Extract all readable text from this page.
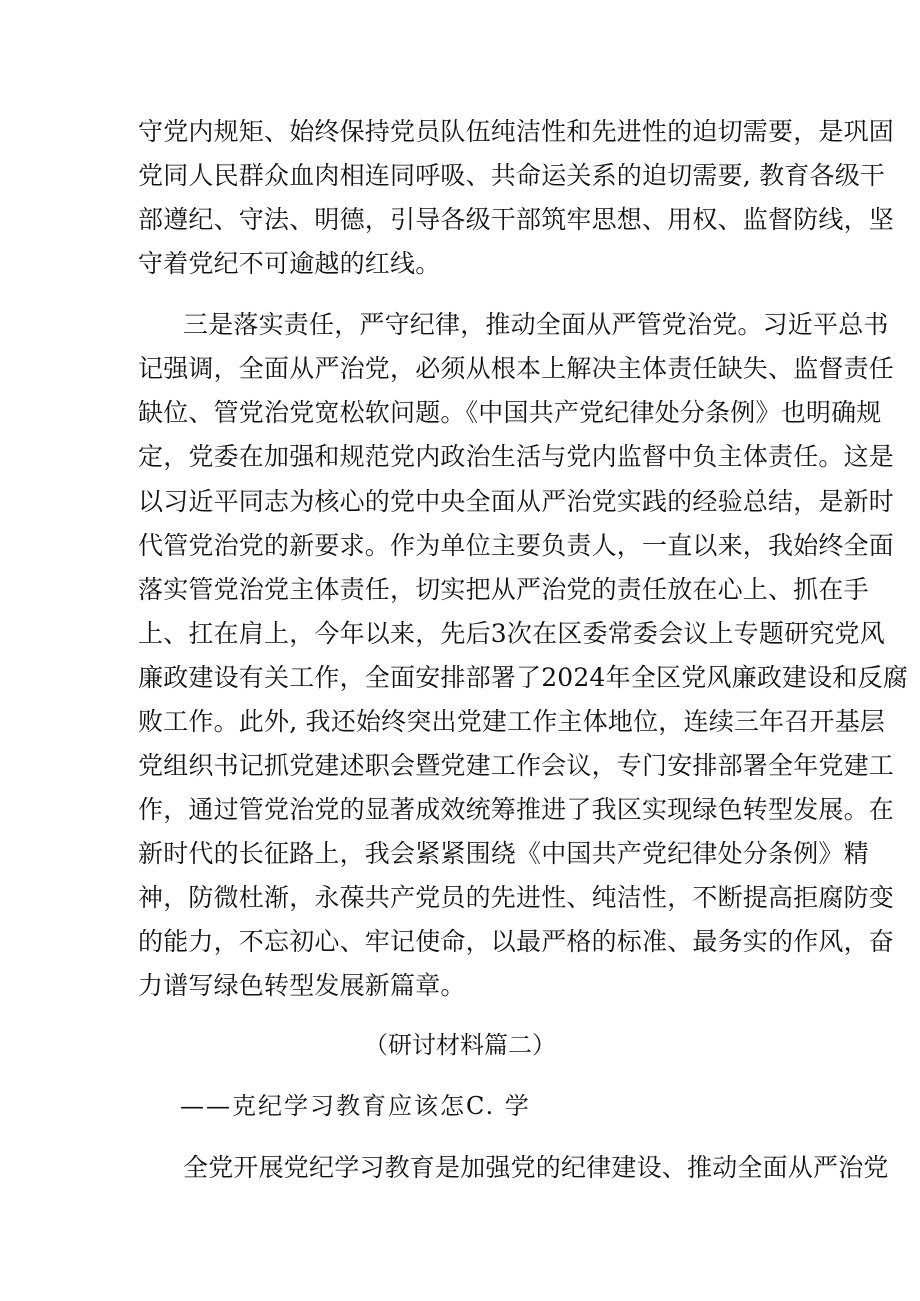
守党内规矩、始终保持党员队伍纯洁性和先进性的迫切需要，是巩固
党同人民群众血肉相连同呼吸、共命运关系的迫切需要, 教育各级干
部遵纪、守法、明德，引导各级干部筑牢思想、用权、监督防线，坚
守着党纪不可逾越的红线。
三是落实责任，严守纪律，推动全面从严管党治党。习近平总书
记强调，全面从严治党，必须从根本上解决主体责任缺失、监督责任
缺位、管党治党宽松软问题。《中国共产党纪律处分条例》也明确规
定，党委在加强和规范党内政治生活与党内监督中负主体责任。这是
以习近平同志为核心的党中央全面从严治党实践的经验总结，是新时
代管党治党的新要求。作为单位主要负责人，一直以来，我始终全面
落实管党治党主体责任，切实把从严治党的责任放在心上、抓在手
上、扛在肩上，今年以来，先后3次在区委常委会议上专题研究党风
廉政建设有关工作，全面安排部署了2024年全区党风廉政建设和反腐
败工作。此外, 我还始终突出党建工作主体地位，连续三年召开基层
党组织书记抓党建述职会暨党建工作会议，专门安排部署全年党建工
作，通过管党治党的显著成效统筹推进了我区实现绿色转型发展。在
新时代的长征路上，我会紧紧围绕《中国共产党纪律处分条例》精
神，防微杜渐，永葆共产党员的先进性、纯洁性，不断提高拒腐防变
的能力，不忘初心、牢记使命，以最严格的标准、最务实的作风，奋
力谱写绿色转型发展新篇章。
（研讨材料篇二）
——克纪学习教育应该怎C. 学
全党开展党纪学习教育是加强党的纪律建设、推动全面从严治党
